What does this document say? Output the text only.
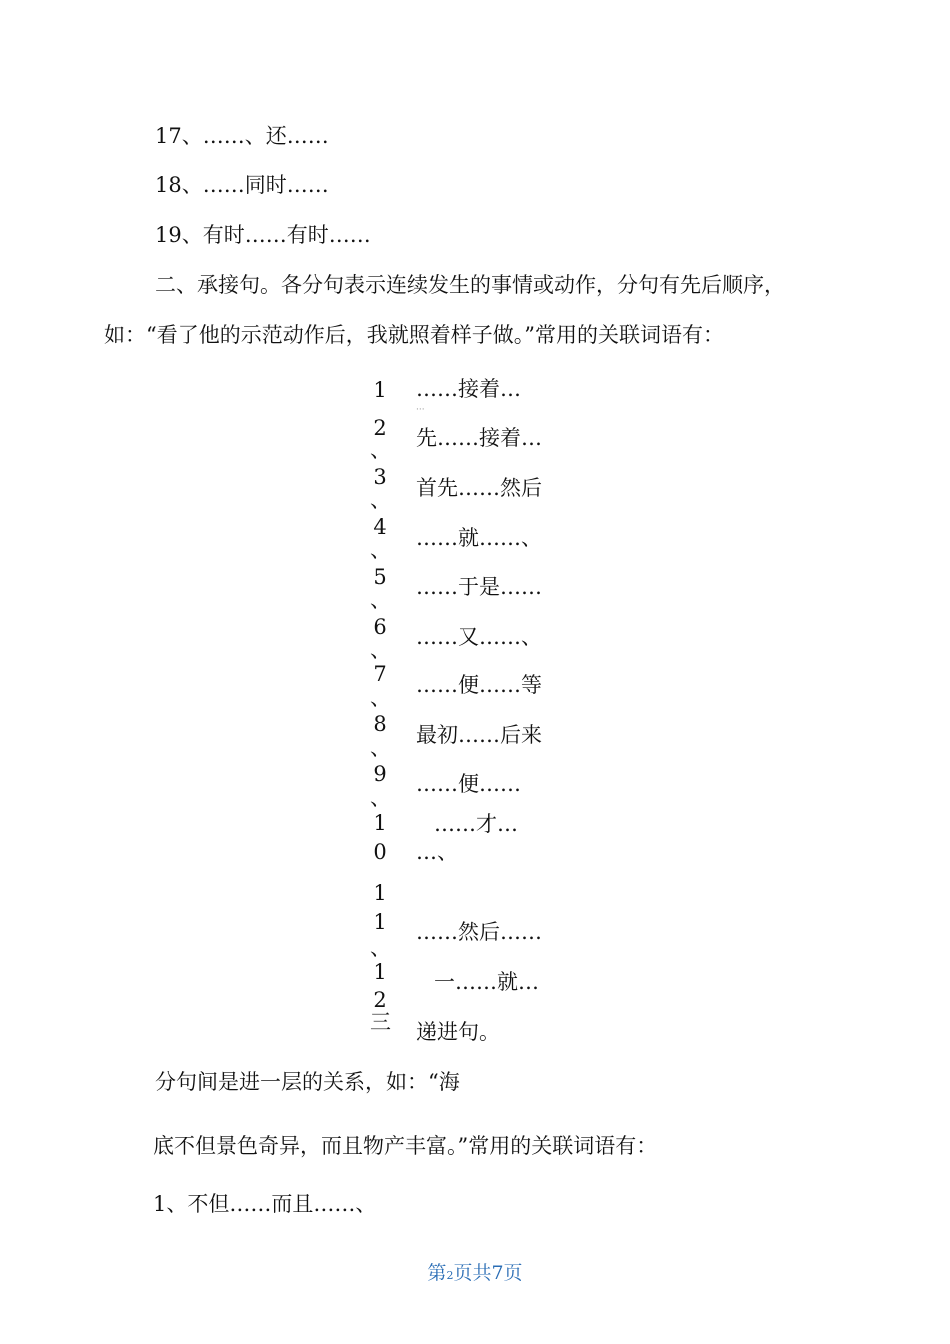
17、……、还……
18、……同时……
19、有时……有时……
二、承接句。各分句表示连续发生的事情或动作，分句有先后顺序，
如：“看了他的示范动作后，我就照着样子做。”常用的关联词语有：
1
2
、
3
、
4
、
5
、
6
、
7
、
8
、
9
、
1
0
1
1
、
1
2
三
……接着…
···
先……接着…
首先……然后
……就……、
……于是……
……又……、
……便……等
最初……后来
……便……
……才…
…、
……然后……
一……就…
递进句。
分句间是进一层的关系，如：“海
底不但景色奇异，而且物产丰富。”常用的关联词语有：
1、不但……而且……、
第2页共7页
